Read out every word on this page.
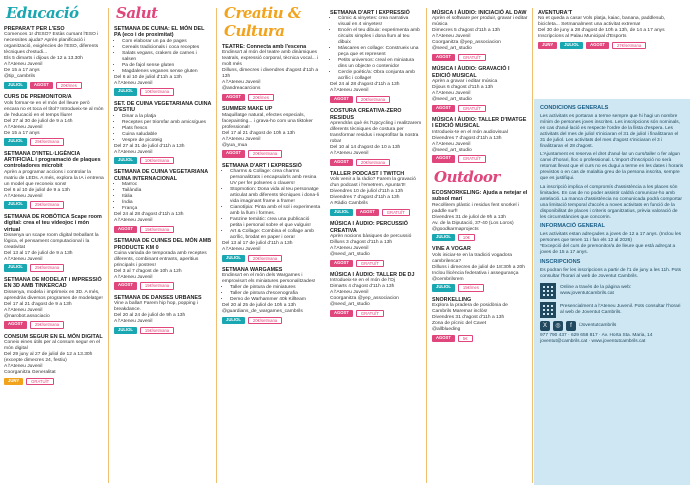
Educació
PREPARA'T PER L'ESO
Comences 1r d'ESO? Estàs cursant l'ESO i necessites ajuda? Aprèn planificació i organització, exigències de l'ESO, diferents tècniques d'estudi...
Els 5 dimarts i dijous de 12 a 13.30h
A l'Ateneu Juvenil
De 15 a 17 anys
@tip_cambrils
JULIOL	AGOST	20€/mes
CURS DE PREMONITOR/A
Vols formar-te en el món del lleure però encara no et toca el títol? Introdueix-te al món de l'educació en el temps lliure!
Del 27 al 30 de juliol de 9 a 14h
A l'Ateneu Juvenil
De 15 a 17 anys
JULIOL	25€/setmana
SETMANA D'INTEL·LIGÈNCIA ARTIFICIAL i programació de plaques controladores microbit
Aprèn a programar accions i controlar la matriu de LEDs. A més, explora la IA i entrena un model que reconeix sons!
Del 6 al 10 de juliol de 9 a 13h
A l'Ateneu Juvenil
JULIOL	25€/setmana
SETMANA DE ROBÒTICA Scape room digital: crea el teu videojoc i món virtual
Dissenya un scape room digital treballant la lògica, el pensament computacional i la creativitat
Del 13 al 17 de juliol de 9 a 13h
A l'Ateneu Juvenil
JULIOL	25€/setmana
SETMANA DE MODELAT i IMPRESSIÓ EN 3D AMB TINKERCAD
Dissenya, modela i imprimeix en 3D. A més, aprendràs diversos programes de modelatge!
Del 17 al 21 d'agost de 9 a 13h
A l'Ateneu Juvenil
@narobot.associacio
AGOST	25€/setmana
CONSUM SEGUR EN EL MÓN DIGITAL
Coneix eines útils per al consum segur en el món digital
Del 29 juny al 27 de juliol de 12 a 13.30h (excepte dimecres 24, festiu)
A l'Ateneu Juvenil
Coorganitza Generalitat
JUNY	GRATUÏT
Salut
SETMANA DE CUINA: EL MÓN DEL PA (eco i de proximitat)
• Com elaborar un pa de pages
• Cereals tradicionals i coca receptes
• Salats vegans, crakers de carnes i salsen
• Pa de fajol sense gluten
• Magdalenes veganes sense gluten
Del 6 al 10 de juliol d'11h a 13h
A l'Ateneu Juvenil
JULIOL	10€/setmana
SET. DE CUINA VEGETARIANA CUINA D'ESTIU
• Dinar a la platja
• Receptes per triomfar amb amics/gues
• Plats frescs
• Cuina saludable
• Vespre de picoteig
Del 27 al 31 de juliol d'11h a 13h
A l'Ateneu Juvenil
JULIOL	10€/setmana
SETMANA DE CUINA VEGETARIANA CUINA INTERNACIONAL
• Marroc
• Tailàndia
• Itàlia
• Índia
• França
Del 24 al 28 d'agost d'11h a 13h
A l'Ateneu Juvenil
AGOST	15€/setmana
SETMANA DE CUINES DEL MÓN AMB PRODUCTE KM 0
Cuina variada de temporada amb receptes diferents, combinant entrants, aperitius principals i postres!
Del 3 al 7 d'agost de 10h a 12h
A l'Ateneu Juvenil
AGOST	15€/setmana
SETMANA DE DANSES URBANES
Vine a ballar! Farem hip hop, popping i breakdance.
Del 20 al 24 de juliol de 9h a 13h
A l'Ateneu Juvenil
JULIOL	15€/setmana
Creatiu & Cultura
TEATRE: Connecta amb l'escena
Endinsa't al món del teatre amb dinàmiques teatrals, expressió corporal, tècnica vocal... i molt més
Dilluns, dimecres i divendres d'agost d'11h a 13h
A l'Ateneu Juvenil
@andreacarcions
AGOST	20€/mes
SUMMER MAKE UP
Maquillatge natural, efectes especials, facepainting... i grava-ho com una tiktoker professional!
Del 17 al 21 d'agost de 10h a 13h
A l'Ateneu Juvenil
@yua_mua
AGOST	20€/setmana
SETMANA D'ART I EXPRESSIÓ
• Charms & Collage: crea charms personalitzats i encapsula'ls amb resina UV per fer polseres o clauers!
• Stopmotion: Dona vida al teu personatge articulat amb diferents tècniques i dona-li vida imaginant frame a frame!
• Cianotípia: Pinta amb el sol i experimenta amb la llum i formes.
• Fanzine temàtic: crea una publicació petita i personal sobre el que vulguis!
• Art & Collage: Combina el collage amb acrílic, brodat en paper i cera!
Del 13 al 17 de juliol d'11h a 13h
A l'Ateneu Juvenil
JULIOL	20€/setmana
SETMANA WARGAMES
Endinsa't en el món dels Wargames i emprovisa't els miniatures personalitzades!
• Taller de pintura de miniatures
• Taller de pintura d'escenografia
• Demo de Warhammer 40k Killteam
Del 20 al 25 de juliol de 10h a 13h
@guardians_de_wargames_cambrils
JULIOL	20€/setmana
SETMANA D'ART I EXPRESSIÓ
• Còmic & vinyetes: crea narrativa visual en 4 vinyetes!
• Encén el teu dibuix: experimenta amb circuits simples i dona llum al teu dibuix
• Màscares en collage: Construeix una peça que et represent
• Petits universos: creal en miniatura dins un objecte o contenidor
• Cercle poètic/a: Obra conjunta amb acrílic i collage!
Del 24 al 28 d'agost d'11h a 13h
A l'Ateneu Juvenil
AGOST	20€/setmana
COSTURA CREATIVA-ZERO RESIDUS
Aprendràs què és l'Upcycling i realitzarem diferents tècniques de costura per transformar residus i reaprofitar la nostra roba!
Del 10 al 14 d'agost de 10 a 13h
A l'Ateneu Juvenil
AGOST	20€/setmana
TALLER PODCAST I TWITCH
Vols venir a la ràdio? Farem la gravació d'un podcast i l'emetrem. Apunta't!!
Divendres 10 de juliol d'11h a 13h
Divendres 7 d'agost d'11h a 13h
A Ràdio Cambrils
JULIOL	AGOST	GRATUÏT
MÚSICA I ÀUDIO: PERCUSSIÓ CREATIVA
Aprèn nocions bàsiques de percussió
Dilluns 3 d'agost d'11h a 13h
A l'Ateneu Juvenil
@seed_art_studio
AGOST	GRATUÏT
MÚSICA I ÀUDIO: TALLER DE DJ
Introdueix-te en el món de l'Dj
Dimarts 4 d'agost d'11h a 13h
A l'Ateneu Juvenil
Coorganitza @yep_associacion
@seed_art_studio
AGOST	GRATUÏT
MÚSICA I ÀUDIO: INICIACIÓ AL DAW
Aprèn el software per produir, gravar i editar música
Dimecres 5 d'agost d'11h a 13h
A l'Ateneu Juvenil
Coorganitza @yep_associacion
@seed_art_studio
AGOST	GRATUÏT
MÚSICA I ÀUDIO: GRAVACIÓ I EDICIÓ MUSICAL
Aprèn a gravar i editar música
Dijous 6 d'agost d'11h a 13h
A l'Ateneu Juvenil
@seed_art_studio
AGOST	GRATUÏT
MÚSICA I ÀUDIO: TALLER D'IMATGE I EDICIÓ MUSICAL
Introdueix-te en el món audiovisual
Divendres 7 d'agost d'11h a 13h
A l'Ateneu Juvenil
@seed_art_studio
AGOST	GRATUÏT
Outdoor
ECOSNORKELING: Ajuda a netejar el subsol marí
Recollirem plàstic i residus fent snorkel i paddle surf!
Divendres 31 de juliol de 9h a 13h
Av. de la Diputació, 37-40 (Los Loros)
@goodkarmaprojects
JULIOL	10€
VINE A VOGAR
Vols iniciar-te en la tradició vogadora cambrilenca?
Dilluns i dimecres de juliol de 18:30h a 20h
Inclou llicència federativa i assegurança
@cembrilsrem
JULIOL	15€/mes
SNORKELLING
Explora la pradera de posidònia de Cambrils Maremar inclòs!
Divendres 31 d'agost d'11h a 13h
Zona de pícnic del Cavet
@allblueding
AGOST	5€
AVENTURA'T
No et queda a casa! Vols platja, kaiac, banana, paddlesub, bicicleta... Setmanalment una activitat extrema!
Del 30 de juny a 28 d'agost de 10h a 13h, de 14 a 17 anys
Inscripcions al Palau Municipal d'Esports
JUNY	JULIOL	AGOST	27€/setmana
CONDICIONS GENERALS
Les activitats es portaran a terme sempre que hi hagi un nombre mínim de persones joves inscrites. Les inscripcions són nominals, en cas d'anul·lació es respecte l'ordre de la llista d'espera. Les activitats del mes de juliol s'iniciaran el 31 de juliol i finalitzaran el 31 de juliol. Les activitats del mes d'agost s'iniciaran el 3 i finalitzaran el 28 d'agost.
L'Ajuntament es reserva el dret d'anul·lar un curs/taller o fer algun canvi d'horari, lloc o professional. L'import d'inscripció no serà retornat llevat que el curs no es dugui a terme en les dates i horaris previstos o en cas de malaltia greu de la persona inscrita, sempre que es justifiqui.
La inscripció implica el compromís d'assistència a les places són limitades. En cas de no poder assistir caldrà comunicar-ho amb antelació. La manca d'assistència no comunicada podrà comportar una limitació temporal d'accés a noves activitats en funció de la disponibilitat de places i criteris organitzatius, prèvia valoració de les circumstàncies que concorrin.
INFORMACIÓ GENERAL
Les activitats estan adreçades a joves de 12 a 17 anys. (Inclou les persones que tenen 11 i fan els 12 al 2026)
*Excepció del curs de premonitor/a de lleure que està adreçat a joves de 15 a 17 anys.
INSCRIPCIONS
Es podran fer les inscripcions a partir de l'1 de juny a les 11h. Pots consultar l'horari al web de Joventut Cambrils.
Online a través de la pàgina web: www.joventutcambrils.cat
Presencialment a l'Ateneu Juvenil. Pots consultar l'horari al web de Joventut Cambrils.
X	◎	f	/Joventutcambrils
977 790 437 · 629 658 817 · Av. Horta Sta. Maria, 14
joventut@cambrils.cat · www.joventutcambrils.cat
